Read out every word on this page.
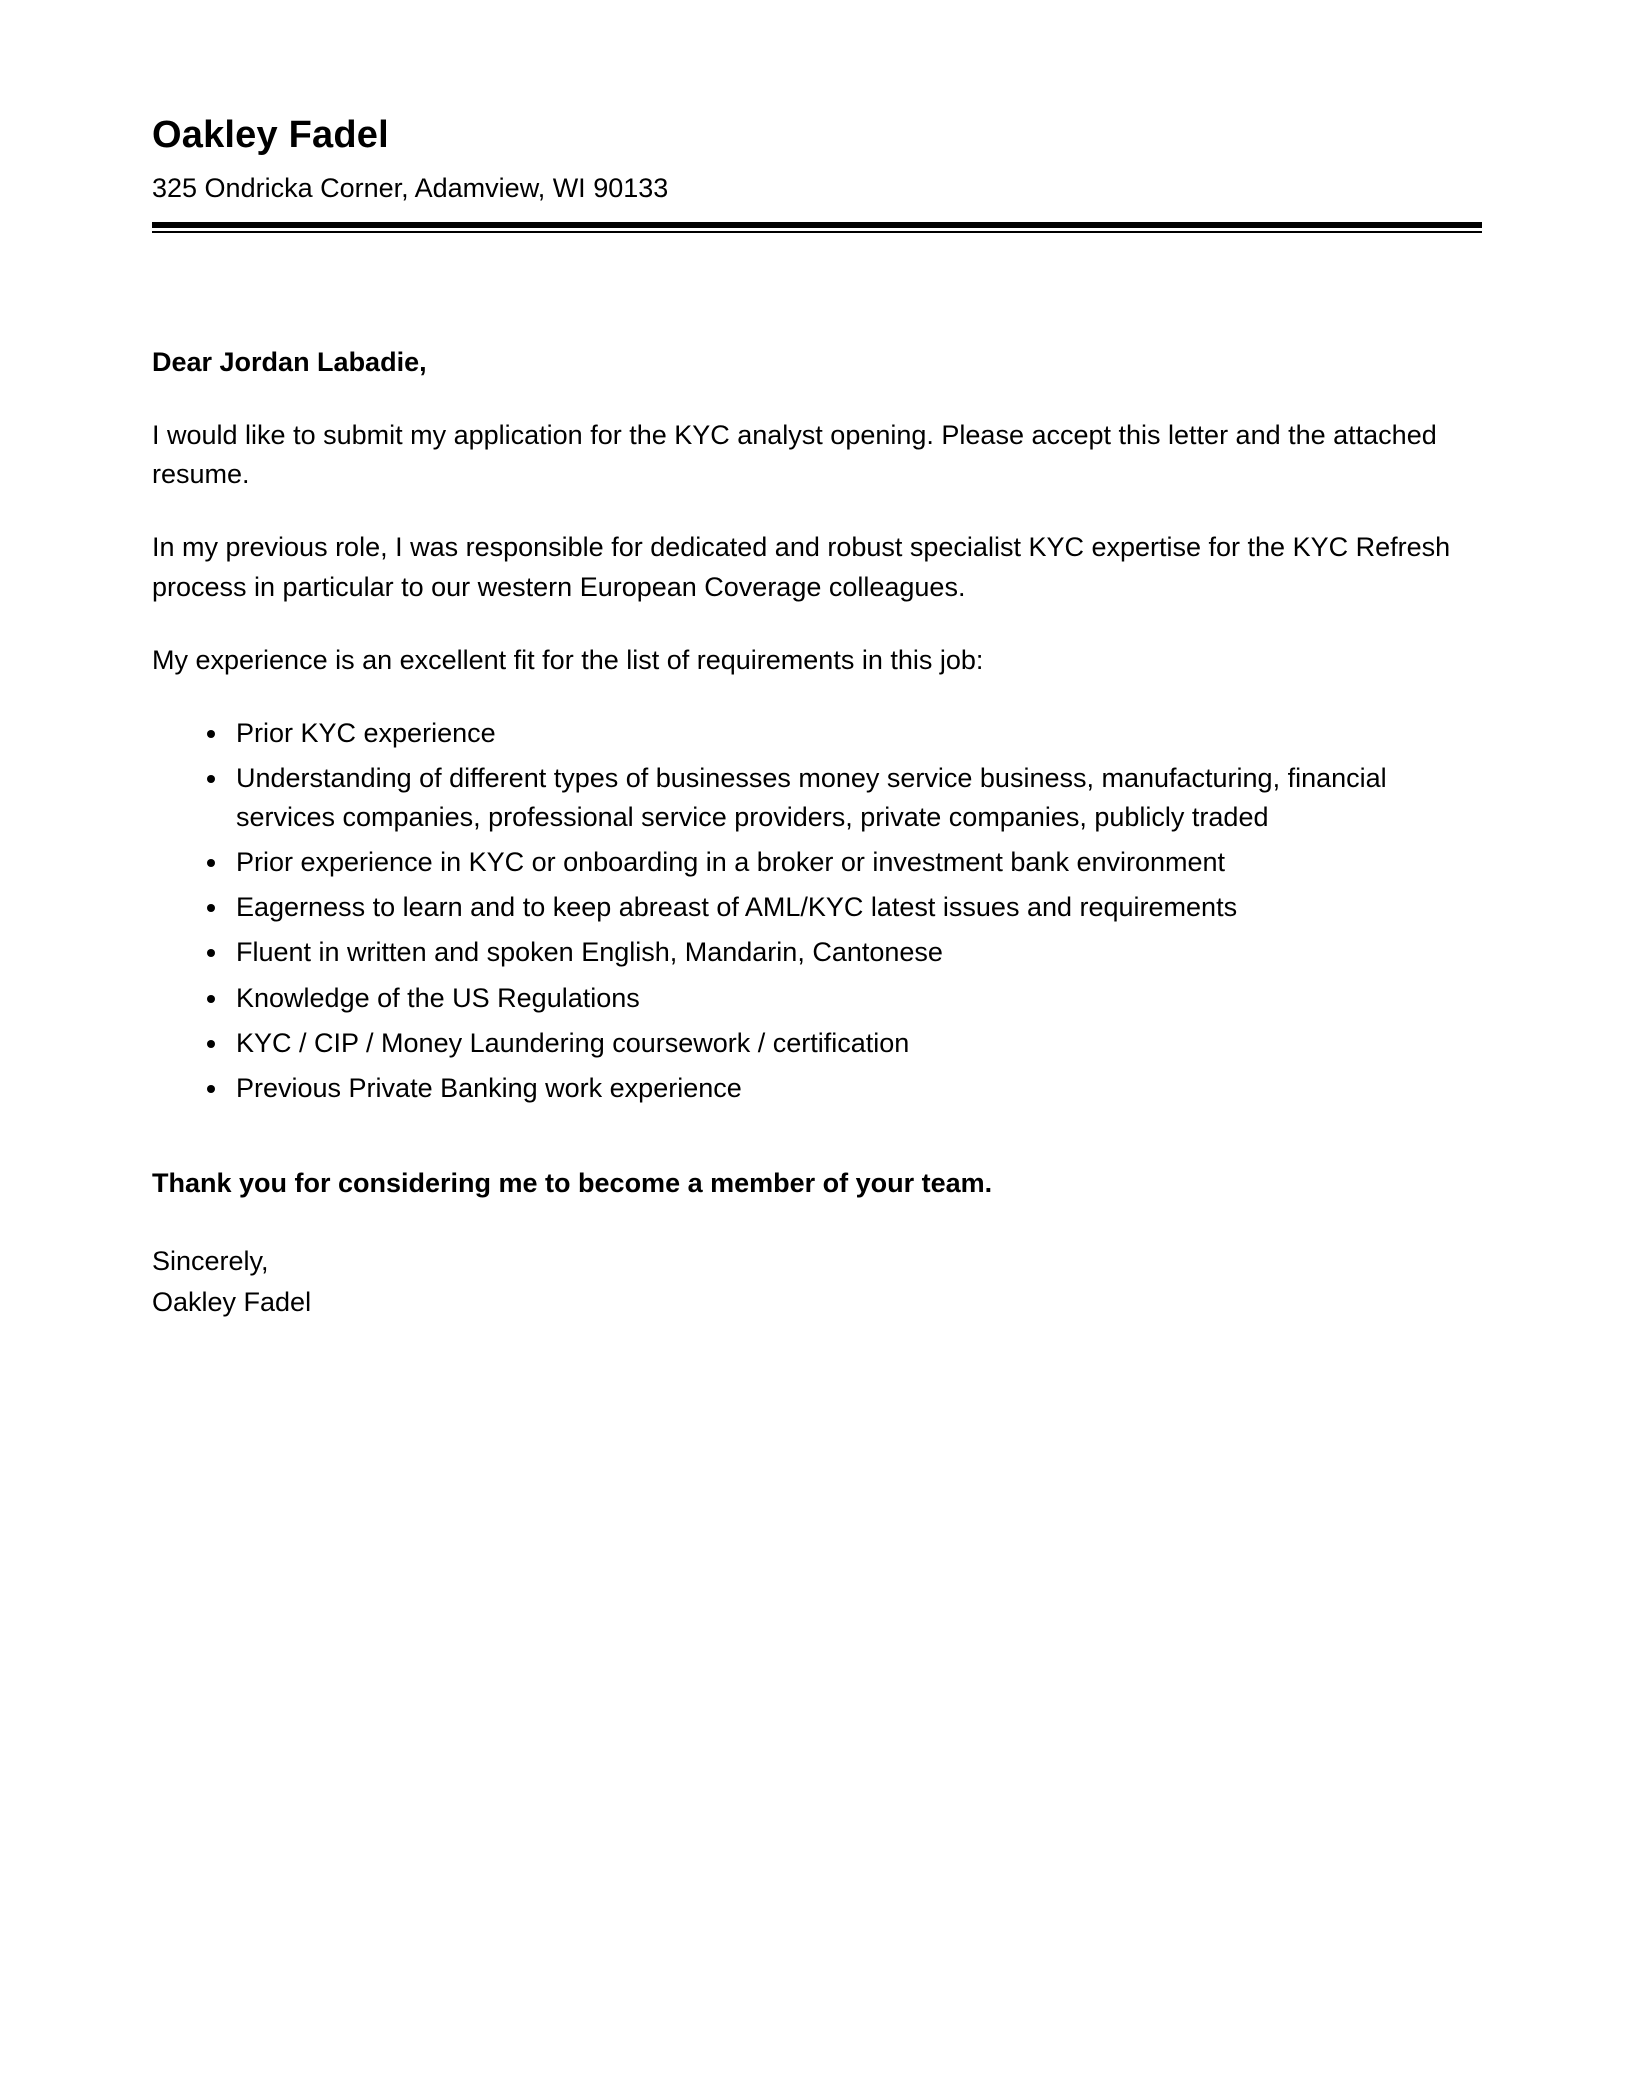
Oakley Fadel
325 Ondricka Corner, Adamview, WI 90133
Dear Jordan Labadie,

I would like to submit my application for the KYC analyst opening. Please accept this letter and the attached resume.

In my previous role, I was responsible for dedicated and robust specialist KYC expertise for the KYC Refresh process in particular to our western European Coverage colleagues.

My experience is an excellent fit for the list of requirements in this job:

• Prior KYC experience
• Understanding of different types of businesses money service business, manufacturing, financial services companies, professional service providers, private companies, publicly traded
• Prior experience in KYC or onboarding in a broker or investment bank environment
• Eagerness to learn and to keep abreast of AML/KYC latest issues and requirements
• Fluent in written and spoken English, Mandarin, Cantonese
• Knowledge of the US Regulations
• KYC / CIP / Money Laundering coursework / certification
• Previous Private Banking work experience

Thank you for considering me to become a member of your team.

Sincerely,
Oakley Fadel
